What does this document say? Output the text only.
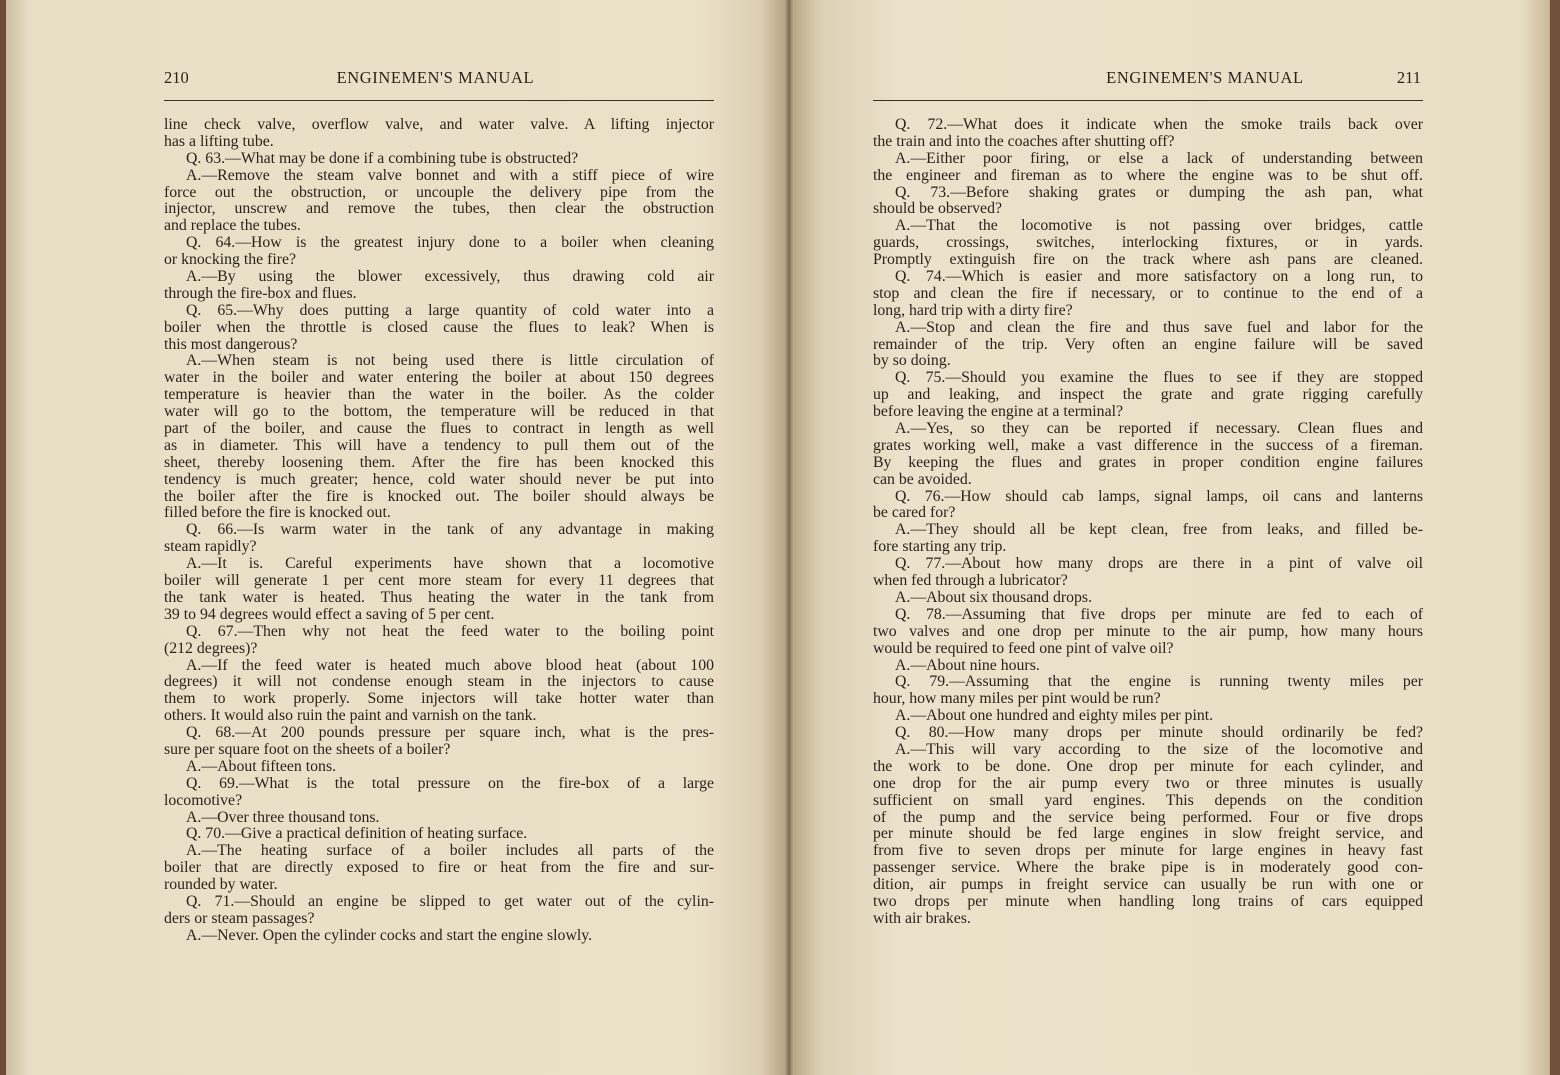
210	ENGINEMEN'S MANUAL
line check valve, overflow valve, and water valve. A lifting injector
has a lifting tube.
Q. 63.—What may be done if a combining tube is obstructed?
A.—Remove the steam valve bonnet and with a stiff piece of wire
force out the obstruction, or uncouple the delivery pipe from the
injector, unscrew and remove the tubes, then clear the obstruction
and replace the tubes.
Q. 64.—How is the greatest injury done to a boiler when cleaning
or knocking the fire?
A.—By using the blower excessively, thus drawing cold air
through the fire-box and flues.
Q. 65.—Why does putting a large quantity of cold water into a
boiler when the throttle is closed cause the flues to leak? When is
this most dangerous?
A.—When steam is not being used there is little circulation of
water in the boiler and water entering the boiler at about 150 degrees
temperature is heavier than the water in the boiler. As the colder
water will go to the bottom, the temperature will be reduced in that
part of the boiler, and cause the flues to contract in length as well
as in diameter. This will have a tendency to pull them out of the
sheet, thereby loosening them. After the fire has been knocked this
tendency is much greater; hence, cold water should never be put into
the boiler after the fire is knocked out. The boiler should always be
filled before the fire is knocked out.
Q. 66.—Is warm water in the tank of any advantage in making
steam rapidly?
A.—It is. Careful experiments have shown that a locomotive
boiler will generate 1 per cent more steam for every 11 degrees that
the tank water is heated. Thus heating the water in the tank from
39 to 94 degrees would effect a saving of 5 per cent.
Q. 67.—Then why not heat the feed water to the boiling point
(212 degrees)?
A.—If the feed water is heated much above blood heat (about 100
degrees) it will not condense enough steam in the injectors to cause
them to work properly. Some injectors will take hotter water than
others. It would also ruin the paint and varnish on the tank.
Q. 68.—At 200 pounds pressure per square inch, what is the pres-
sure per square foot on the sheets of a boiler?
A.—About fifteen tons.
Q. 69.—What is the total pressure on the fire-box of a large
locomotive?
A.—Over three thousand tons.
Q. 70.—Give a practical definition of heating surface.
A.—The heating surface of a boiler includes all parts of the
boiler that are directly exposed to fire or heat from the fire and sur-
rounded by water.
Q. 71.—Should an engine be slipped to get water out of the cylin-
ders or steam passages?
A.—Never. Open the cylinder cocks and start the engine slowly.
ENGINEMEN'S MANUAL	211
Q. 72.—What does it indicate when the smoke trails back over
the train and into the coaches after shutting off?
A.—Either poor firing, or else a lack of understanding between
the engineer and fireman as to where the engine was to be shut off.
Q. 73.—Before shaking grates or dumping the ash pan, what
should be observed?
A.—That the locomotive is not passing over bridges, cattle
guards, crossings, switches, interlocking fixtures, or in yards.
Promptly extinguish fire on the track where ash pans are cleaned.
Q. 74.—Which is easier and more satisfactory on a long run, to
stop and clean the fire if necessary, or to continue to the end of a
long, hard trip with a dirty fire?
A.—Stop and clean the fire and thus save fuel and labor for the
remainder of the trip. Very often an engine failure will be saved
by so doing.
Q. 75.—Should you examine the flues to see if they are stopped
up and leaking, and inspect the grate and grate rigging carefully
before leaving the engine at a terminal?
A.—Yes, so they can be reported if necessary. Clean flues and
grates working well, make a vast difference in the success of a fireman.
By keeping the flues and grates in proper condition engine failures
can be avoided.
Q. 76.—How should cab lamps, signal lamps, oil cans and lanterns
be cared for?
A.—They should all be kept clean, free from leaks, and filled be-
fore starting any trip.
Q. 77.—About how many drops are there in a pint of valve oil
when fed through a lubricator?
A.—About six thousand drops.
Q. 78.—Assuming that five drops per minute are fed to each of
two valves and one drop per minute to the air pump, how many hours
would be required to feed one pint of valve oil?
A.—About nine hours.
Q. 79.—Assuming that the engine is running twenty miles per
hour, how many miles per pint would be run?
A.—About one hundred and eighty miles per pint.
Q. 80.—How many drops per minute should ordinarily be fed?
A.—This will vary according to the size of the locomotive and
the work to be done. One drop per minute for each cylinder, and
one drop for the air pump every two or three minutes is usually
sufficient on small yard engines. This depends on the condition
of the pump and the service being performed. Four or five drops
per minute should be fed large engines in slow freight service, and
from five to seven drops per minute for large engines in heavy fast
passenger service. Where the brake pipe is in moderately good con-
dition, air pumps in freight service can usually be run with one or
two drops per minute when handling long trains of cars equipped
with air brakes.
